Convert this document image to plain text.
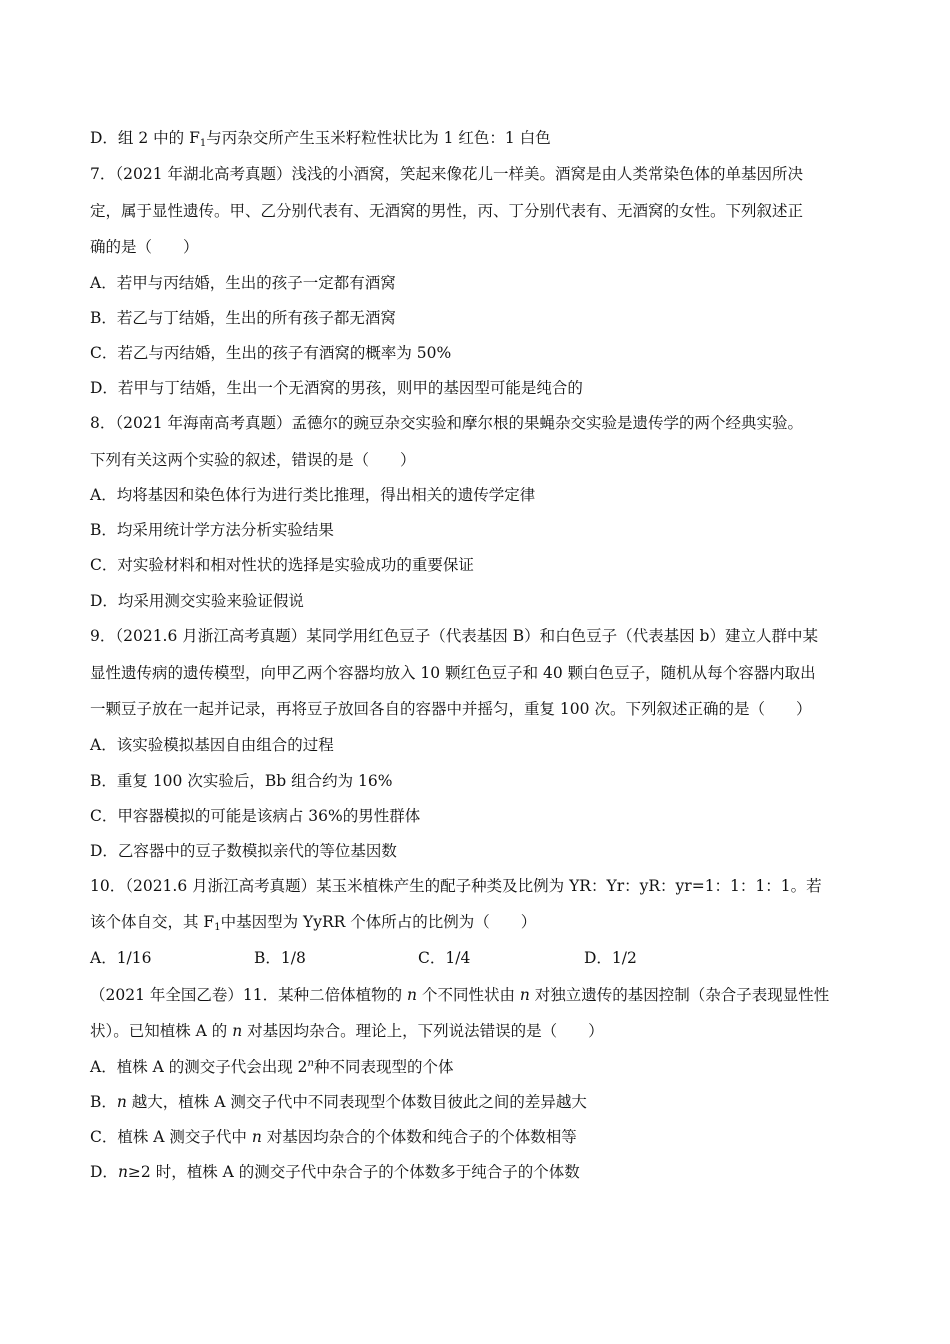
D．组 2 中的 $F_1$与丙杂交所产生玉米籽粒性状比为 1 红色：1 白色
7．（2021 年湖北高考真题）浅浅的小酒窝，笑起来像花儿一样美。酒窝是由人类常染色体的单基因所决
定，属于显性遗传。甲、乙分别代表有、无酒窝的男性，丙、丁分别代表有、无酒窝的女性。下列叙述正
确的是（　　）
A．若甲与丙结婚，生出的孩子一定都有酒窝
B．若乙与丁结婚，生出的所有孩子都无酒窝
C．若乙与丙结婚，生出的孩子有酒窝的概率为 50%
D．若甲与丁结婚，生出一个无酒窝的男孩，则甲的基因型可能是纯合的
8．（2021 年海南高考真题）孟德尔的豌豆杂交实验和摩尔根的果蝇杂交实验是遗传学的两个经典实验。
下列有关这两个实验的叙述，错误的是（　　）
A．均将基因和染色体行为进行类比推理，得出相关的遗传学定律
B．均采用统计学方法分析实验结果
C．对实验材料和相对性状的选择是实验成功的重要保证
D．均采用测交实验来验证假说
9．（2021.6 月浙江高考真题）某同学用红色豆子（代表基因 B）和白色豆子（代表基因 b）建立人群中某
显性遗传病的遗传模型，向甲乙两个容器均放入 10 颗红色豆子和 40 颗白色豆子，随机从每个容器内取出
一颗豆子放在一起并记录，再将豆子放回各自的容器中并摇匀，重复 100 次。下列叙述正确的是（　　）
A．该实验模拟基因自由组合的过程
B．重复 100 次实验后，Bb 组合约为 16%
C．甲容器模拟的可能是该病占 36%的男性群体
D．乙容器中的豆子数模拟亲代的等位基因数
10．（2021.6 月浙江高考真题）某玉米植株产生的配子种类及比例为 YR：Yr：yR：yr=1：1：1：1。若
该个体自交，其 $F_1$中基因型为 YyRR 个体所占的比例为（　　）
A．1/16	B．1/8	C．1/4	D．1/2
（2021 年全国乙卷）11．某种二倍体植物的 n 个不同性状由 n 对独立遗传的基因控制（杂合子表现显性性
状）。已知植株 A 的 n 对基因均杂合。理论上，下列说法错误的是（　　）
A．植株 A 的测交子代会出现 2$^n$种不同表现型的个体
B．n 越大，植株 A 测交子代中不同表现型个体数目彼此之间的差异越大
C．植株 A 测交子代中 n 对基因均杂合的个体数和纯合子的个体数相等
D．n≥2 时，植株 A 的测交子代中杂合子的个体数多于纯合子的个体数
